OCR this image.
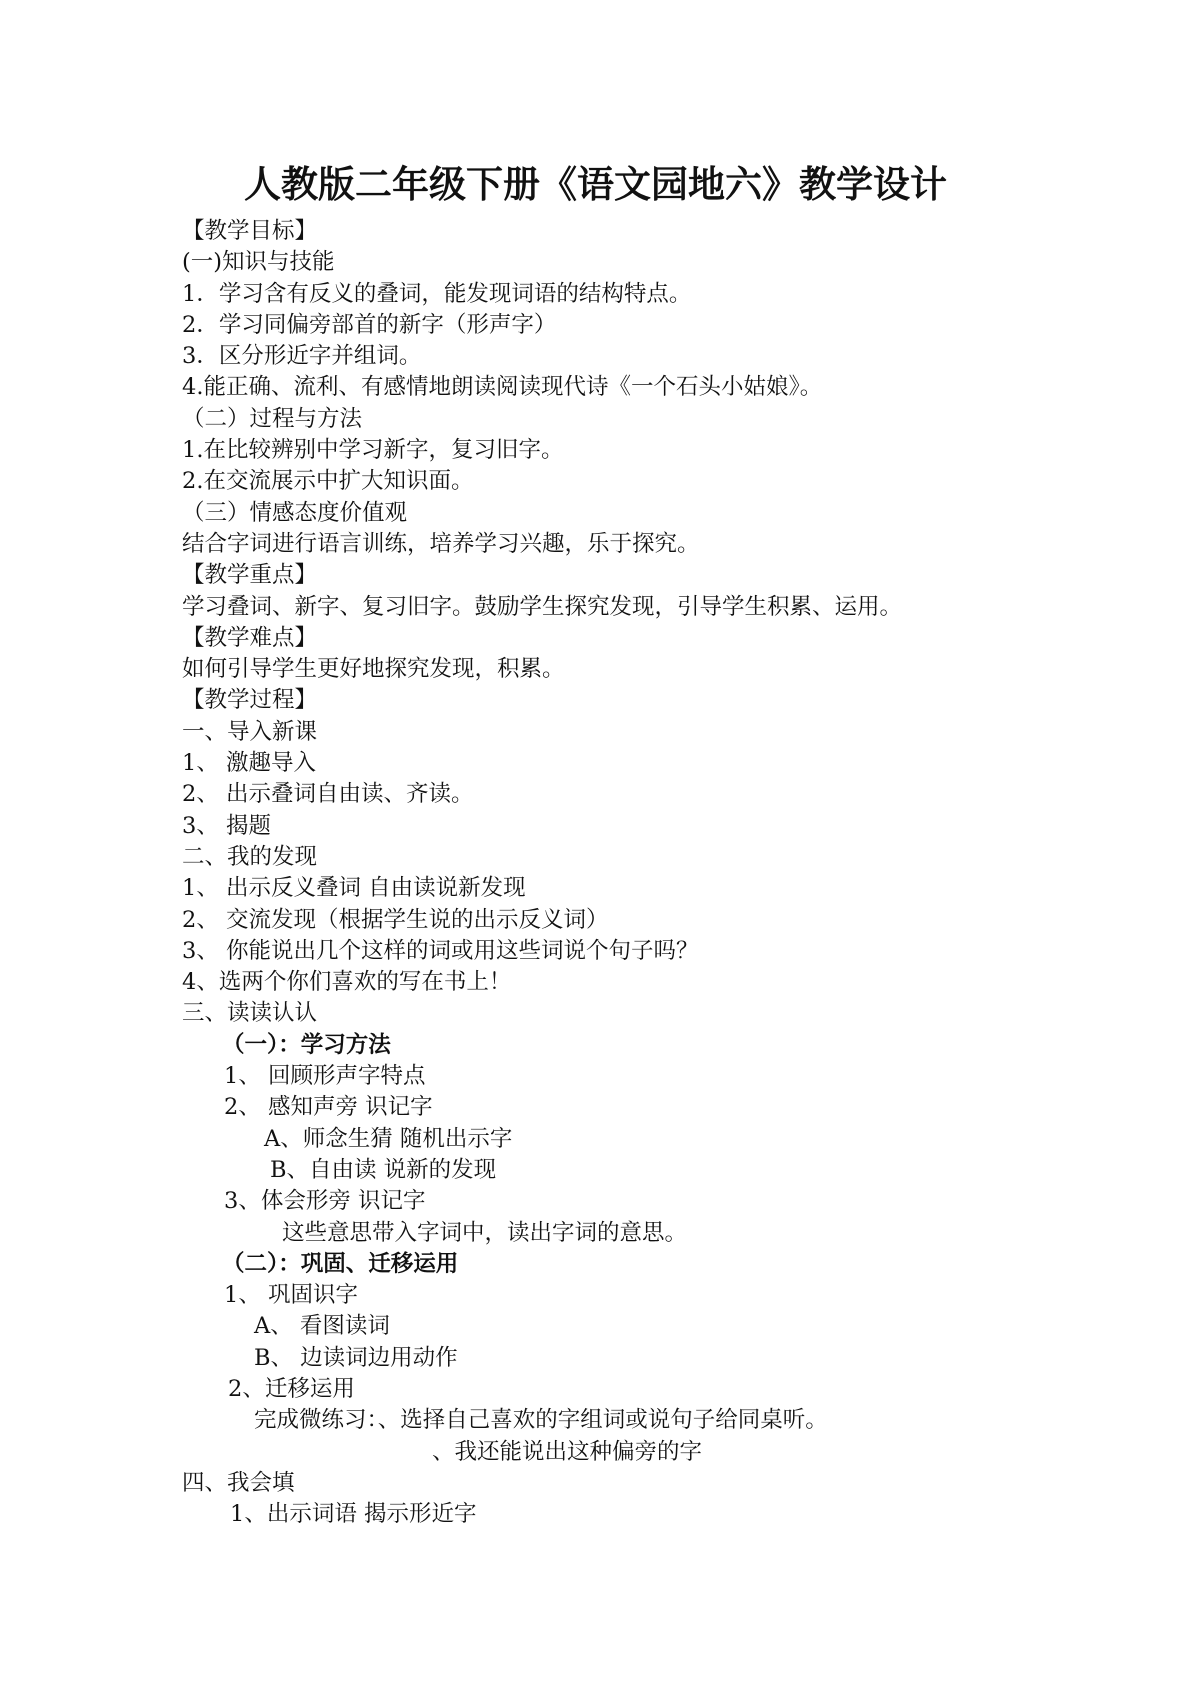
人教版二年级下册《语文园地六》教学设计
【教学目标】
(一)知识与技能
1．学习含有反义的叠词，能发现词语的结构特点。
2．学习同偏旁部首的新字（形声字）
3．区分形近字并组词。
4.能正确、流利、有感情地朗读阅读现代诗《一个石头小姑娘》。
（二）过程与方法
1.在比较辨别中学习新字，复习旧字。
2.在交流展示中扩大知识面。
（三）情感态度价值观
结合字词进行语言训练，培养学习兴趣，乐于探究。
【教学重点】
学习叠词、新字、复习旧字。鼓励学生探究发现，引导学生积累、运用。
【教学难点】
如何引导学生更好地探究发现，积累。
【教学过程】
一、导入新课
1、 激趣导入
2、 出示叠词自由读、齐读。
3、 揭题
二、我的发现
1、 出示反义叠词 自由读说新发现
2、 交流发现（根据学生说的出示反义词）
3、 你能说出几个这样的词或用这些词说个句子吗？
4、选两个你们喜欢的写在书上！
三、读读认认
（一）：学习方法
1、 回顾形声字特点
2、 感知声旁 识记字
A、师念生猜 随机出示字
B、自由读 说新的发现
3、体会形旁 识记字
这些意思带入字词中，读出字词的意思。
（二）：巩固、迁移运用
1、 巩固识字
A、 看图读词
B、 边读词边用动作
2、迁移运用
完成微练习：、选择自己喜欢的字组词或说句子给同桌听。
、我还能说出这种偏旁的字
四、我会填
1、出示词语 揭示形近字
